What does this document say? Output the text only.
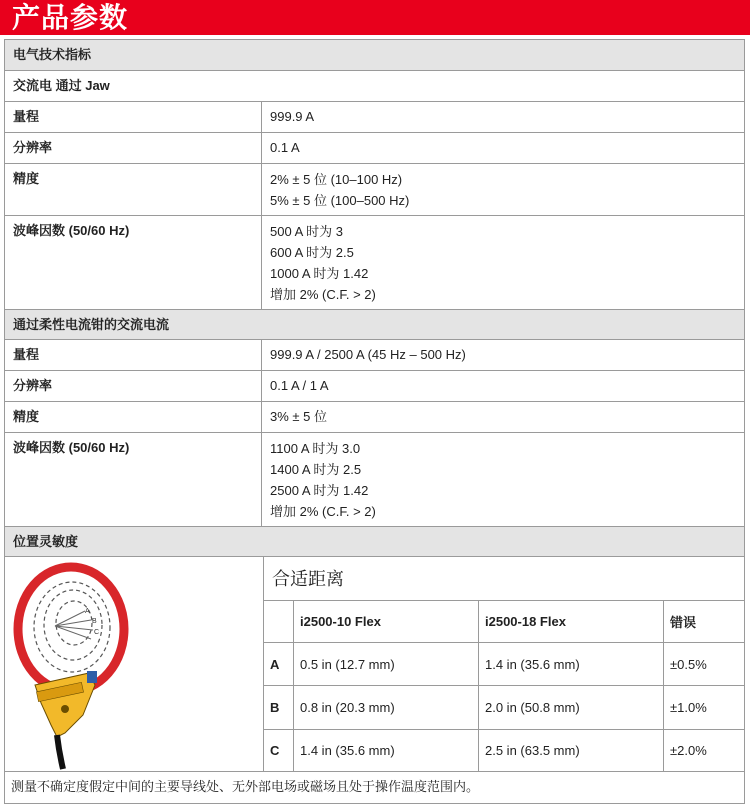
产品参数
电气技术指标
交流电 通过 Jaw
量程	999.9 A
分辨率	0.1 A
精度	2% ± 5 位 (10–100 Hz)
5% ± 5 位 (100–500 Hz)
波峰因数 (50/60 Hz)	500 A 时为 3
600 A 时为 2.5
1000 A 时为 1.42
增加 2% (C.F. > 2)
通过柔性电流钳的交流电流
量程	999.9 A / 2500 A (45 Hz – 500 Hz)
分辨率	0.1 A / 1 A
精度	3% ± 5 位
波峰因数 (50/60 Hz)	1100 A 时为 3.0
1400 A 时为 2.5
2500 A 时为 1.42
增加 2% (C.F. > 2)
位置灵敏度
A
B
C
合适距离
	i2500-10 Flex	i2500-18 Flex	错误
A	0.5 in (12.7 mm)	1.4 in (35.6 mm)	±0.5%
B	0.8 in (20.3 mm)	2.0 in (50.8 mm)	±1.0%
C	1.4 in (35.6 mm)	2.5 in (63.5 mm)	±2.0%
测量不确定度假定中间的主要导线处、无外部电场或磁场且处于操作温度范围内。
